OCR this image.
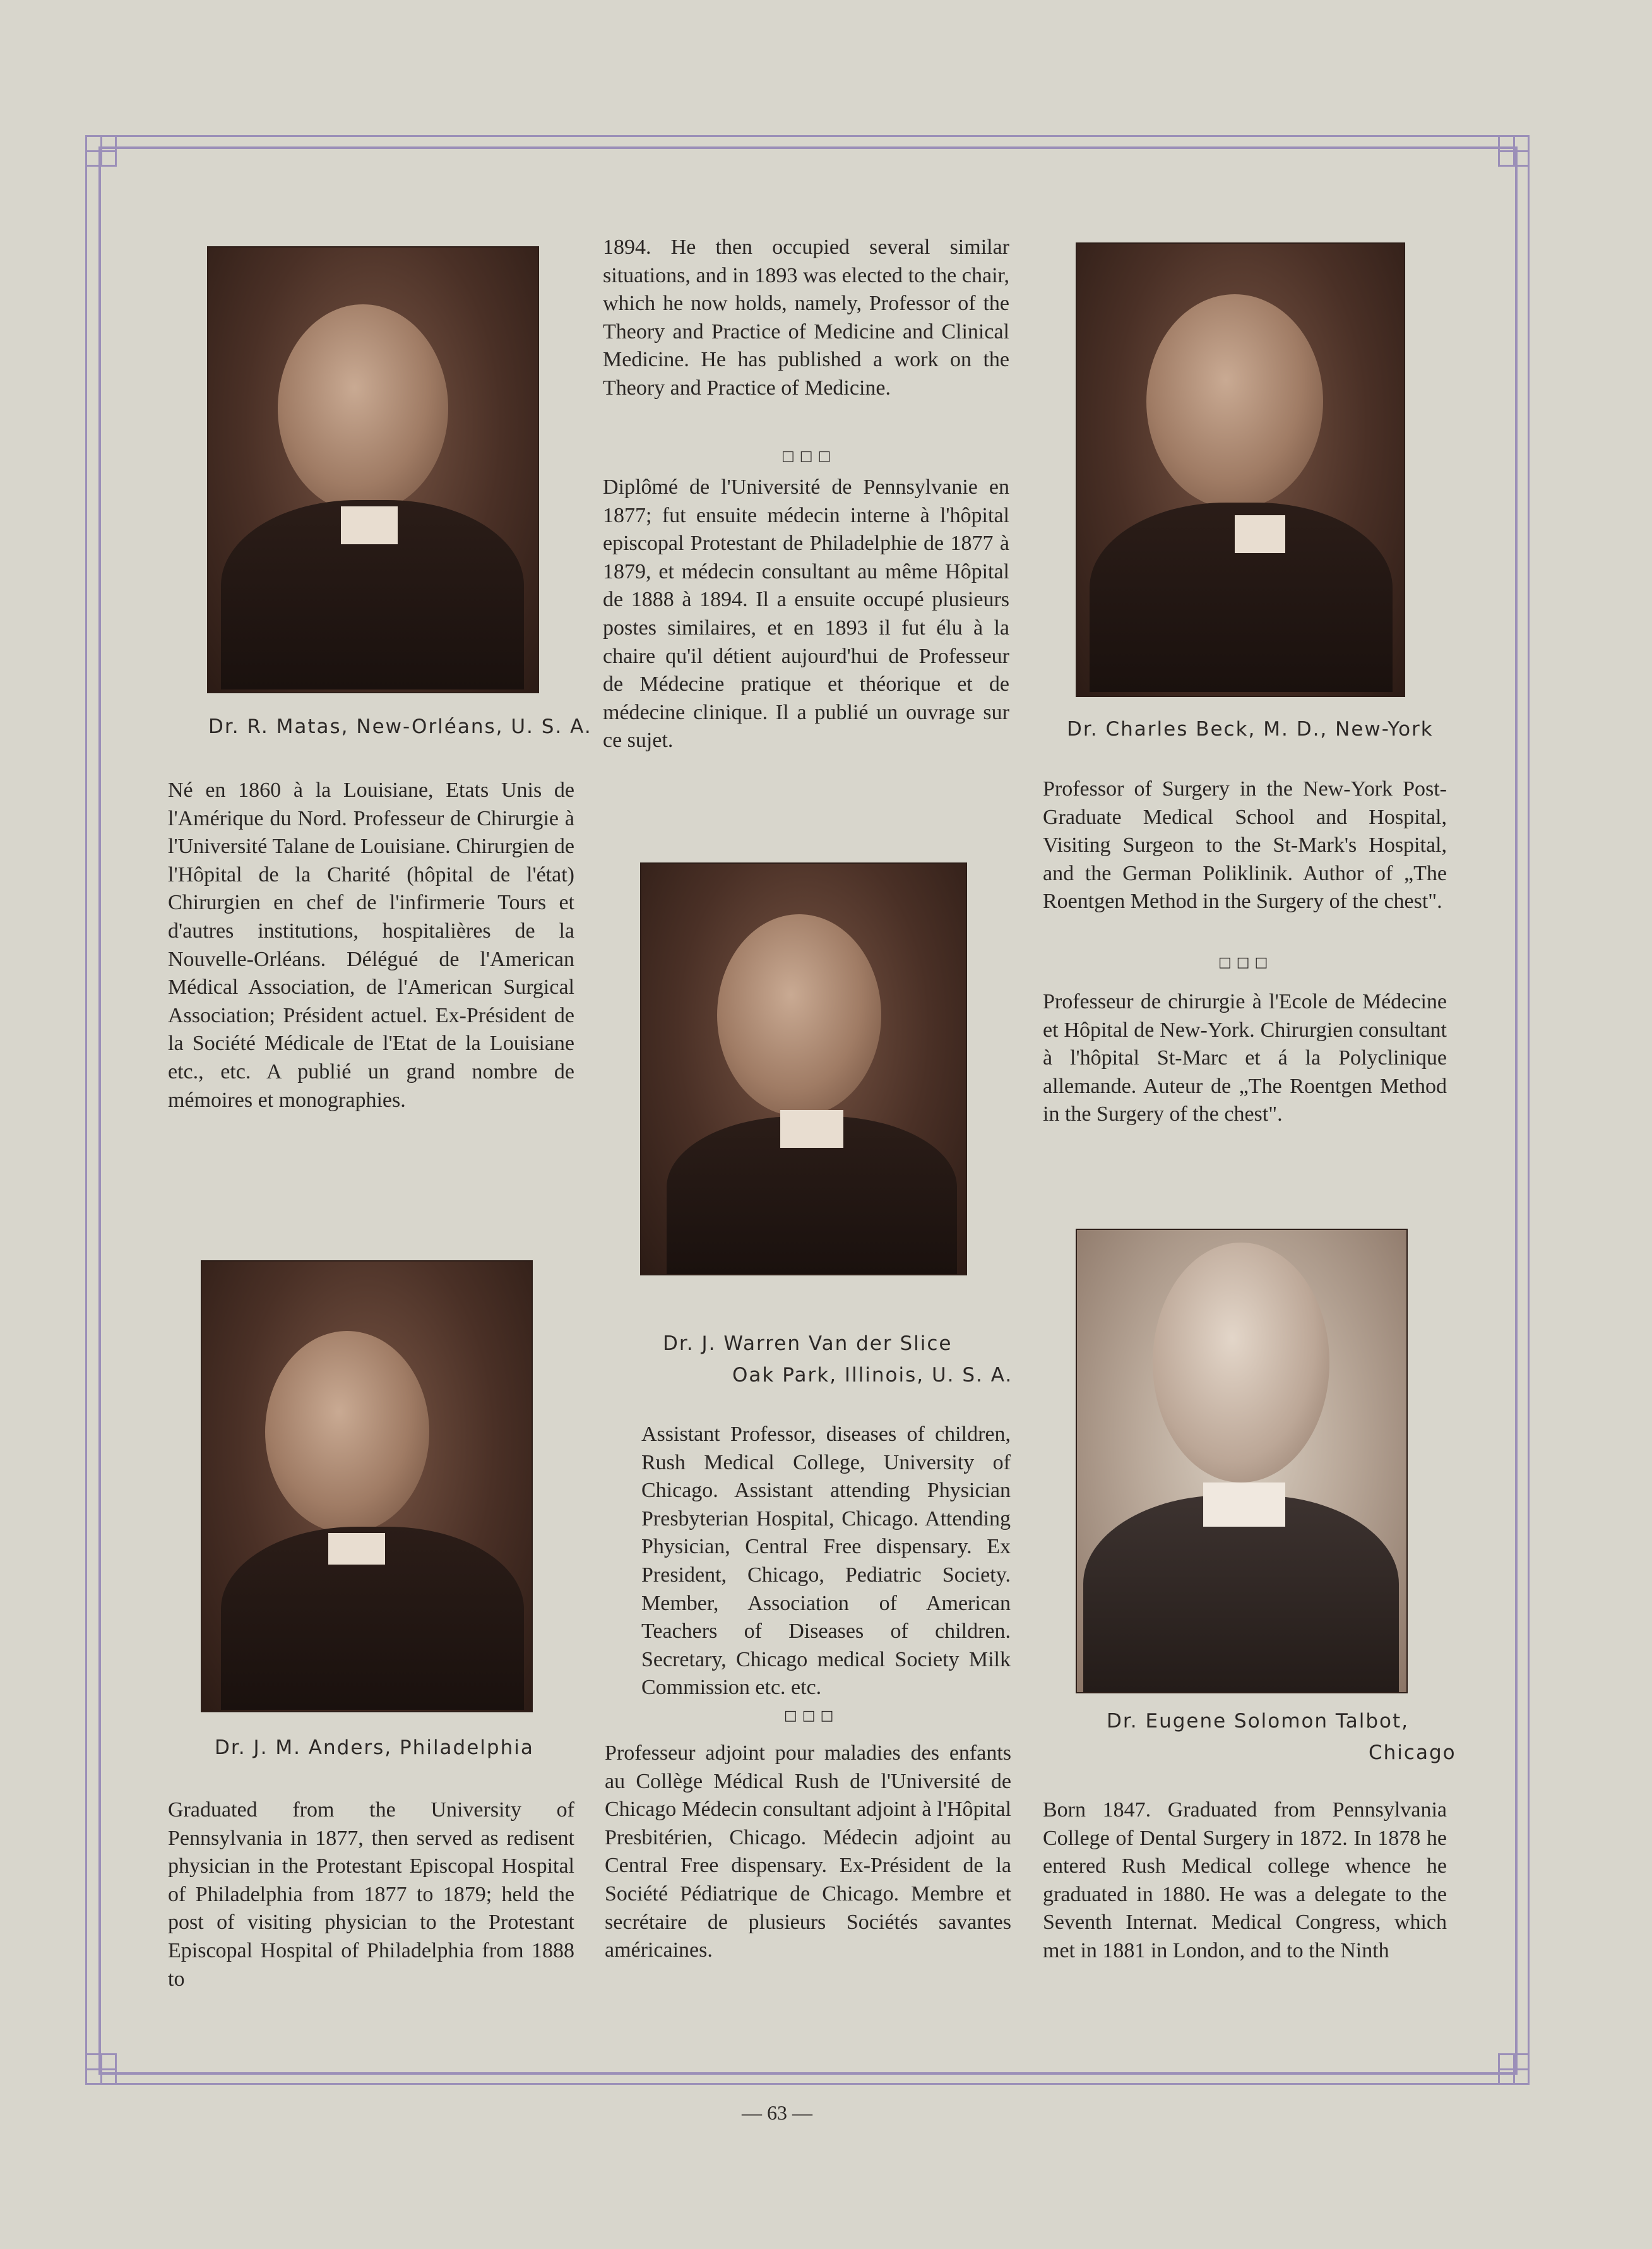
Dr. R. Matas, New-Orléans, U. S. A.
Né en 1860 à la Louisiane, Etats Unis de l'Amérique du Nord. Professeur de Chirurgie à l'Université Talane de Louisiane. Chirurgien de l'Hôpital de la Charité (hôpital de l'état) Chirurgien en chef de l'infirmerie Tours et d'autres institutions, hospitalières de la Nouvelle-Orléans. Délégué de l'American Médical Association, de l'American Surgical Association; Président actuel. Ex-Président de la Société Médicale de l'Etat de la Louisiane etc., etc. A publié un grand nombre de mémoires et monographies.
Dr. J. M. Anders, Philadelphia
Graduated from the University of Pennsylvania in 1877, then served as redisent physician in the Protestant Episcopal Hospital of Philadelphia from 1877 to 1879; held the post of visiting physician to the Protestant Episcopal Hospital of Philadelphia from 1888 to
1894. He then occupied several similar situations, and in 1893 was elected to the chair, which he now holds, namely, Professor of the Theory and Practice of Medicine and Clinical Medicine. He has published a work on the Theory and Practice of Medicine.
□□□
Diplômé de l'Université de Pennsylvanie en 1877; fut ensuite médecin interne à l'hôpital episcopal Protestant de Philadelphie de 1877 à 1879, et médecin consultant au même Hôpital de 1888 à 1894. Il a ensuite occupé plusieurs postes similaires, et en 1893 il fut élu à la chaire qu'il détient aujourd'hui de Professeur de Médecine pratique et théorique et de médecine clinique. Il a publié un ouvrage sur ce sujet.
Dr. J. Warren Van der Slice
Oak Park, Illinois, U. S. A.
Assistant Professor, diseases of children, Rush Medical College, University of Chicago. Assistant attending Physician Presbyterian Hospital, Chicago. Attending Physician, Central Free dispensary. Ex President, Chicago, Pediatric Society. Member, Association of American Teachers of Diseases of children. Secretary, Chicago medical Society Milk Commission etc. etc.
□□□
Professeur adjoint pour maladies des enfants au Collège Médical Rush de l'Université de Chicago Médecin consultant adjoint à l'Hôpital Presbitérien, Chicago. Médecin adjoint au Central Free dispensary. Ex-Président de la Société Pédiatrique de Chicago. Membre et secrétaire de plusieurs Sociétés savantes américaines.
Dr. Charles Beck, M. D., New-York
Professor of Surgery in the New-York Post-Graduate Medical School and Hospital, Visiting Surgeon to the St-Mark's Hospital, and the German Poliklinik. Author of „The Roentgen Method in the Surgery of the chest".
□□□
Professeur de chirurgie à l'Ecole de Médecine et Hôpital de New-York. Chirurgien consultant à l'hôpital St-Marc et á la Polyclinique allemande. Auteur de „The Roentgen Method in the Surgery of the chest".
Dr. Eugene Solomon Talbot,
Chicago
Born 1847. Graduated from Pennsylvania College of Dental Surgery in 1872. In 1878 he entered Rush Medical college whence he graduated in 1880. He was a delegate to the Seventh Internat. Medical Congress, which met in 1881 in London, and to the Ninth
— 63 —
